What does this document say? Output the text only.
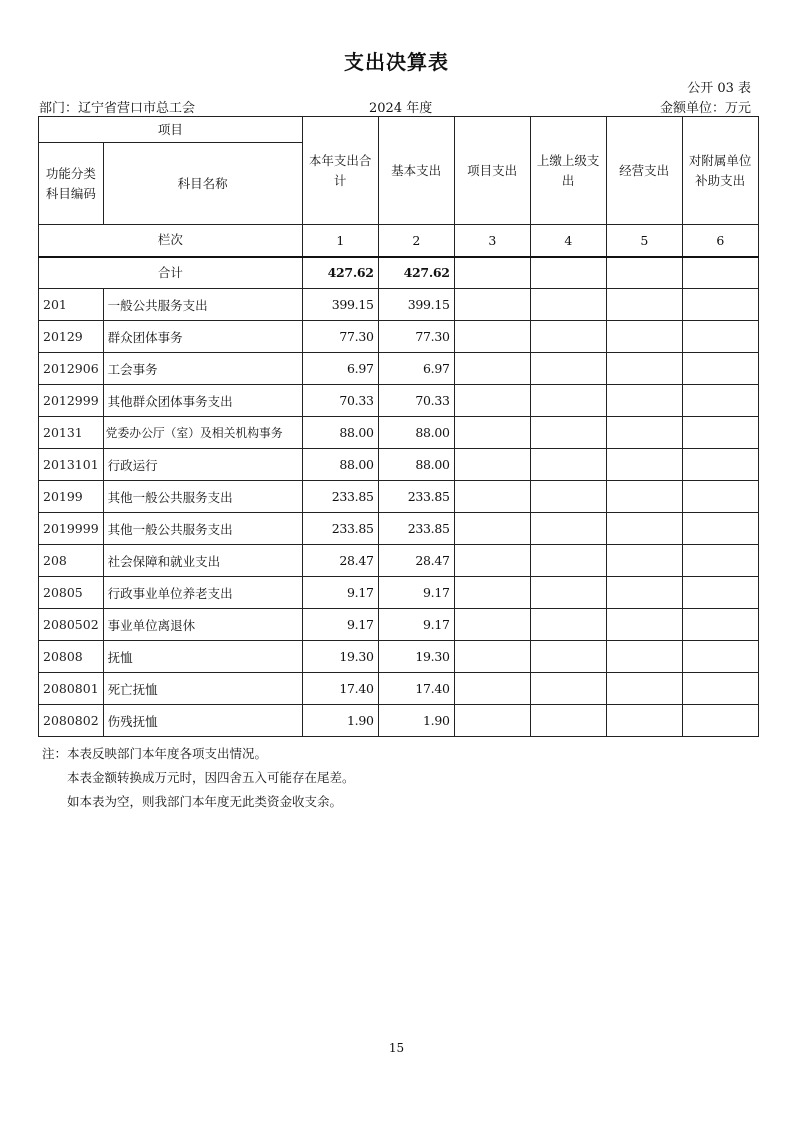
支出决算表
公开 03 表
部门：辽宁省营口市总工会	2024 年度	金额单位：万元
项目		本年支出合计	基本支出	项目支出	上缴上级支出	经营支出	对附属单位补助支出
功能分类科目编码	科目名称						
栏次		1	2	3	4	5	6
合计		427.62	427.62				
201	一般公共服务支出	399.15	399.15				
20129	群众团体事务	77.30	77.30				
2012906	工会事务	6.97	6.97				
2012999	其他群众团体事务支出	70.33	70.33				
20131	党委办公厅（室）及相关机构事务	88.00	88.00				
2013101	行政运行	88.00	88.00				
20199	其他一般公共服务支出	233.85	233.85				
2019999	其他一般公共服务支出	233.85	233.85				
208	社会保障和就业支出	28.47	28.47				
20805	行政事业单位养老支出	9.17	9.17				
2080502	事业单位离退休	9.17	9.17				
20808	抚恤	19.30	19.30				
2080801	死亡抚恤	17.40	17.40				
2080802	伤残抚恤	1.90	1.90				
注：本表反映部门本年度各项支出情况。
本表金额转换成万元时，因四舍五入可能存在尾差。
如本表为空，则我部门本年度无此类资金收支余。
15
